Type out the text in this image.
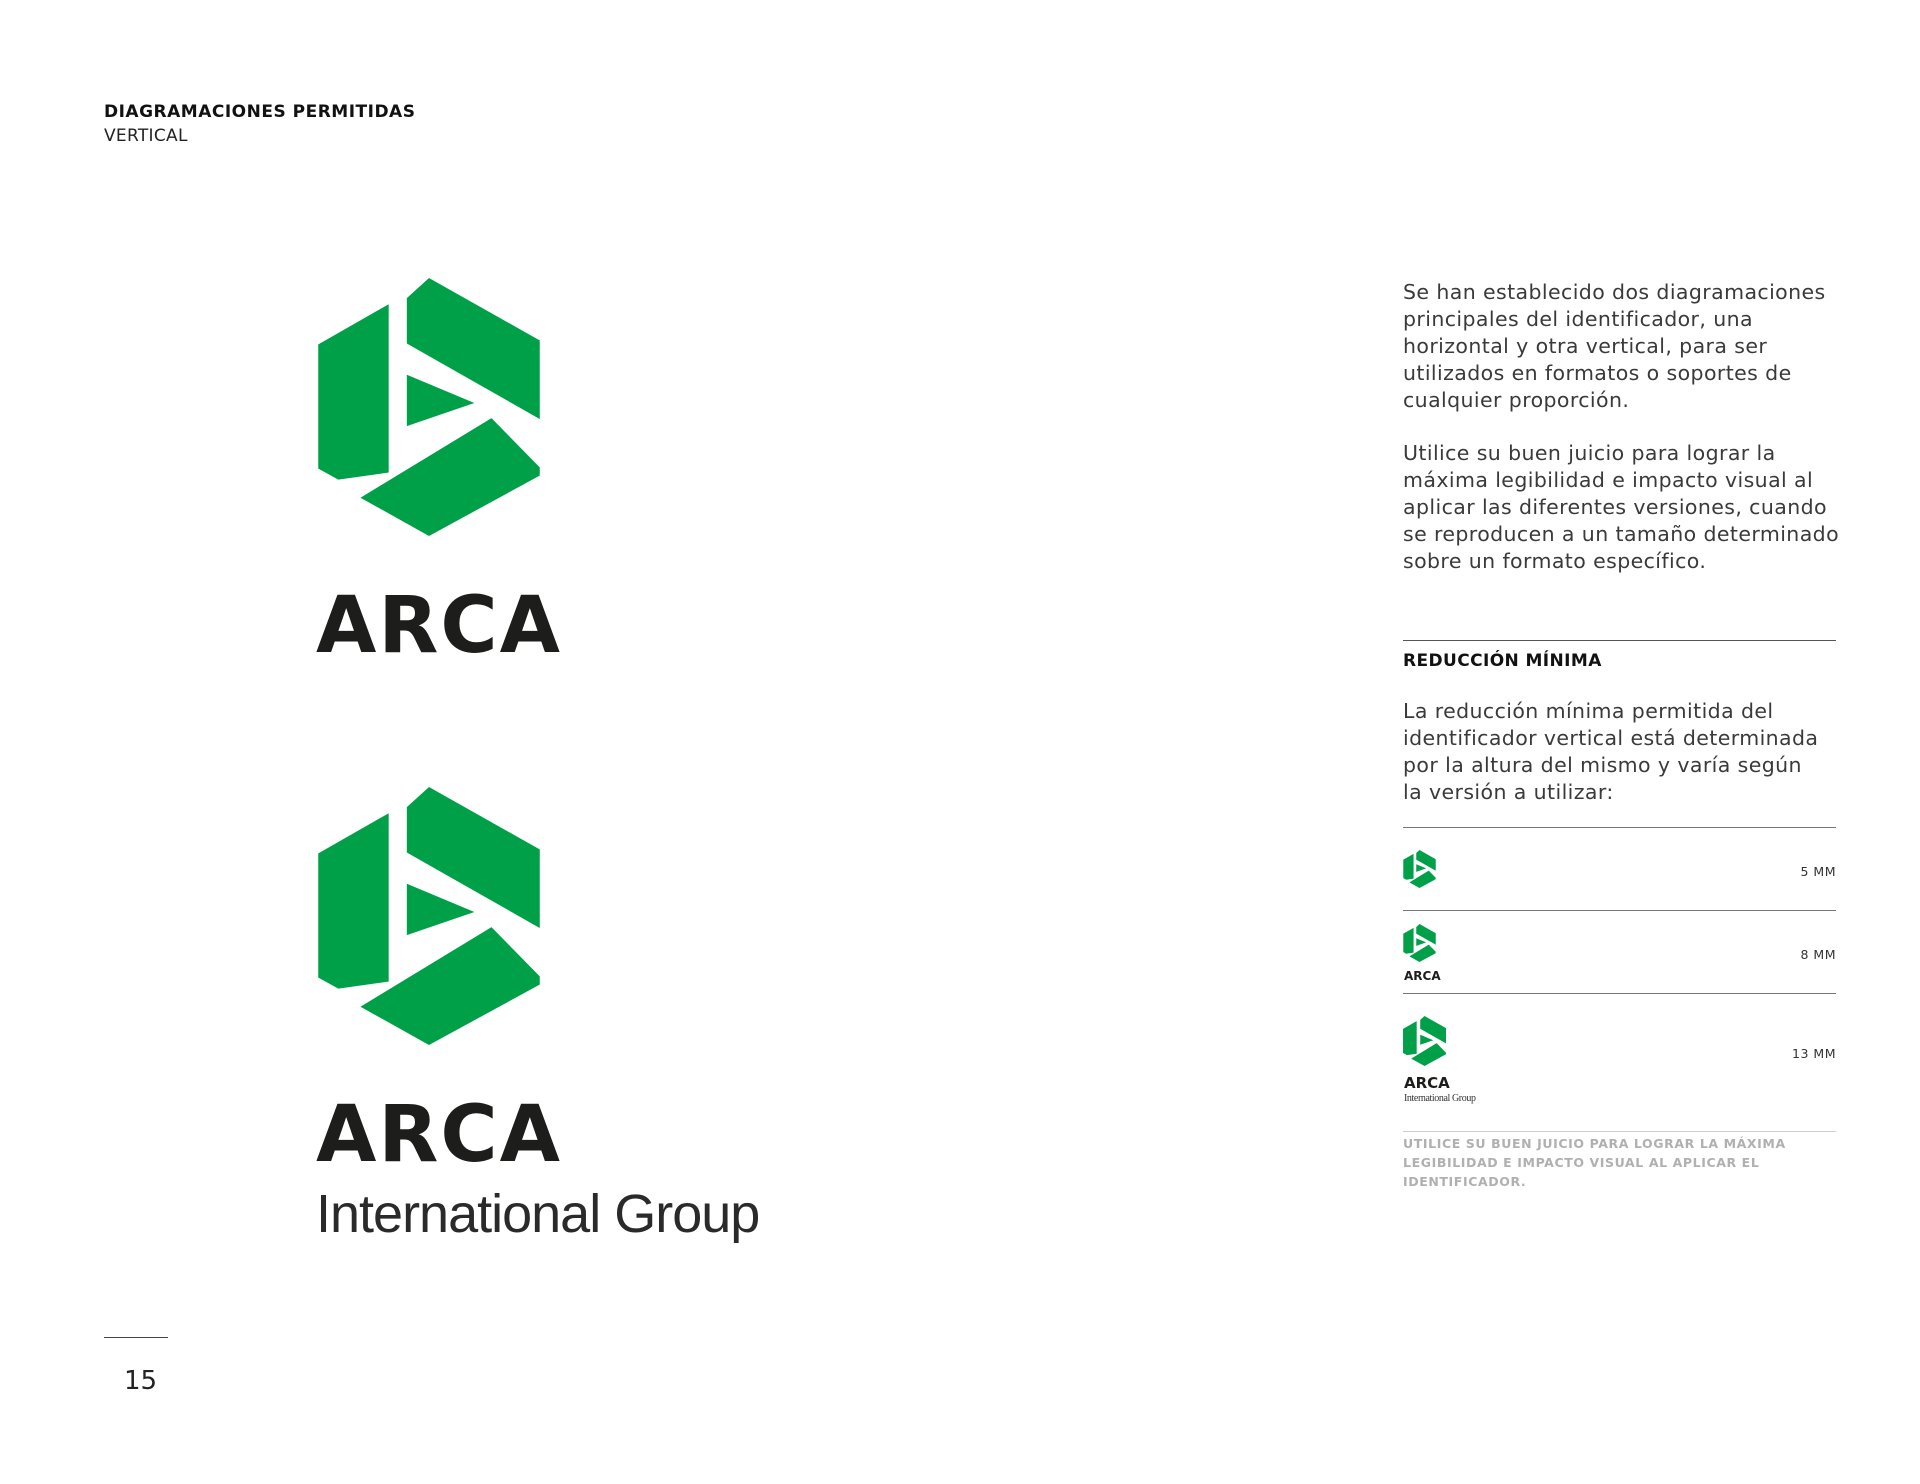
DIAGRAMACIONES PERMITIDAS
VERTICAL
ARCA
ARCA
International Group

Se han establecido dos diagramaciones principales del identificador, una horizontal y otra vertical, para ser utilizados en formatos o soportes de cualquier proporción.

Utilice su buen juicio para lograr la máxima legibilidad e impacto visual al aplicar las diferentes versiones, cuando se reproducen a un tamaño determinado sobre un formato específico.

REDUCCIÓN MÍNIMA

La reducción mínima permitida del identificador vertical está determinada por la altura del mismo y varía según la versión a utilizar:

5 MM
ARCA
8 MM
ARCA
International Group
13 MM

UTILICE SU BUEN JUICIO PARA LOGRAR LA MÁXIMA LEGIBILIDAD E IMPACTO VISUAL AL APLICAR EL IDENTIFICADOR.

15
